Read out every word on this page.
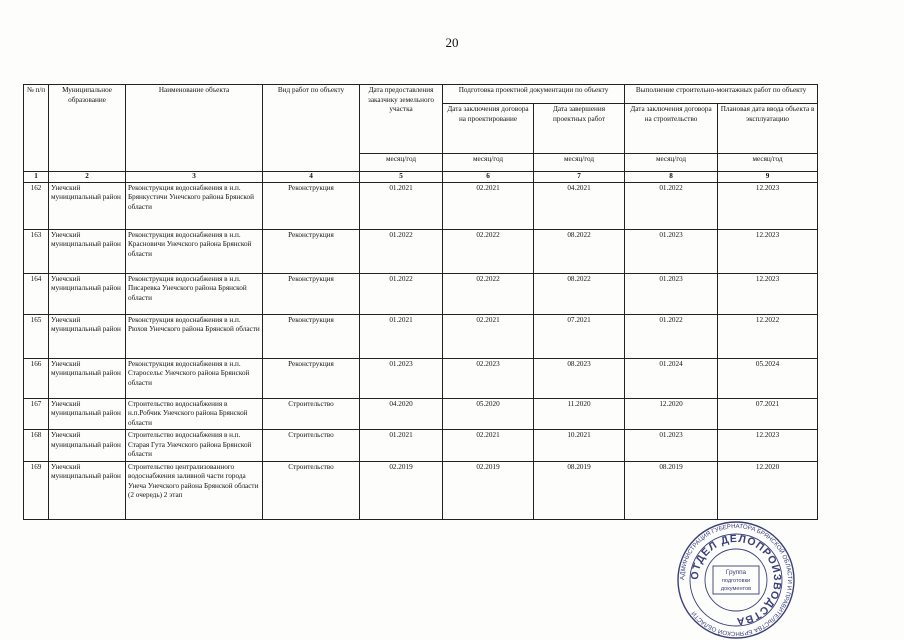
20
№ п/п	Муниципальное образование	Наименование объекта	Вид работ по объекту	Дата предоставления заказчику земельного участка	Подготовка проектной документации по объекту		Выполнение строительно-монтажных работ по объекту	
					Дата заключения договора на проектирование	Дата завершения проектных работ	Дата заключения договора на строительство	Плановая дата ввода объекта в эксплуатацию
				месяц/год	месяц/год	месяц/год	месяц/год	месяц/год
1	2	3	4	5	6	7	8	9
162	Унечский муниципальный район	Реконструкция водоснабжения в н.п. Брянкустичи Унечского района Брянской области	Реконструкция	01.2021	02.2021	04.2021	01.2022	12.2023
163	Унечский муниципальный район	Реконструкция водоснабжения в н.п. Красновичи Унечского района Брянской области	Реконструкция	01.2022	02.2022	08.2022	01.2023	12.2023
164	Унечский муниципальный район	Реконструкция водоснабжения в н.п. Писаревка Унечского района Брянской области	Реконструкция	01.2022	02.2022	08.2022	01.2023	12.2023
165	Унечский муниципальный район	Реконструкция водоснабжения в н.п. Рюхов Унечского района Брянской области	Реконструкция	01.2021	02.2021	07.2021	01.2022	12.2022
166	Унечский муниципальный район	Реконструкция водоснабжения в н.п. Старосельє Унечского района Брянской области	Реконструкция	01.2023	02.2023	08.2023	01.2024	05.2024
167	Унечский муниципальный район	Строительство водоснабжения в н.п.Робчик Унечского района Брянской области	Строительство	04.2020	05.2020	11.2020	12.2020	07.2021
168	Унечский муниципальный район	Строительство водоснабжения в н.п. Старая Гута Унечского района Брянской области	Строительство	01.2021	02.2021	10.2021	01.2023	12.2023
169	Унечский муниципальный район	Строительство централизованного водоснабжения заливной части города Унеча Унечского района Брянской области (2 очередь) 2 этап	Строительство	02.2019	02.2019	08.2019	08.2019	12.2020
АДМИНИСТРАЦИЯ ГУБЕРНАТОРА БРЯНСКОЙ ОБЛАСТИ И ПРАВИТЕЛЬСТВА БРЯНСКОЙ ОБЛАСТИ
ОТДЕЛ ДЕЛОПРОИЗВОДСТВА
Группа
подготовки
документов
